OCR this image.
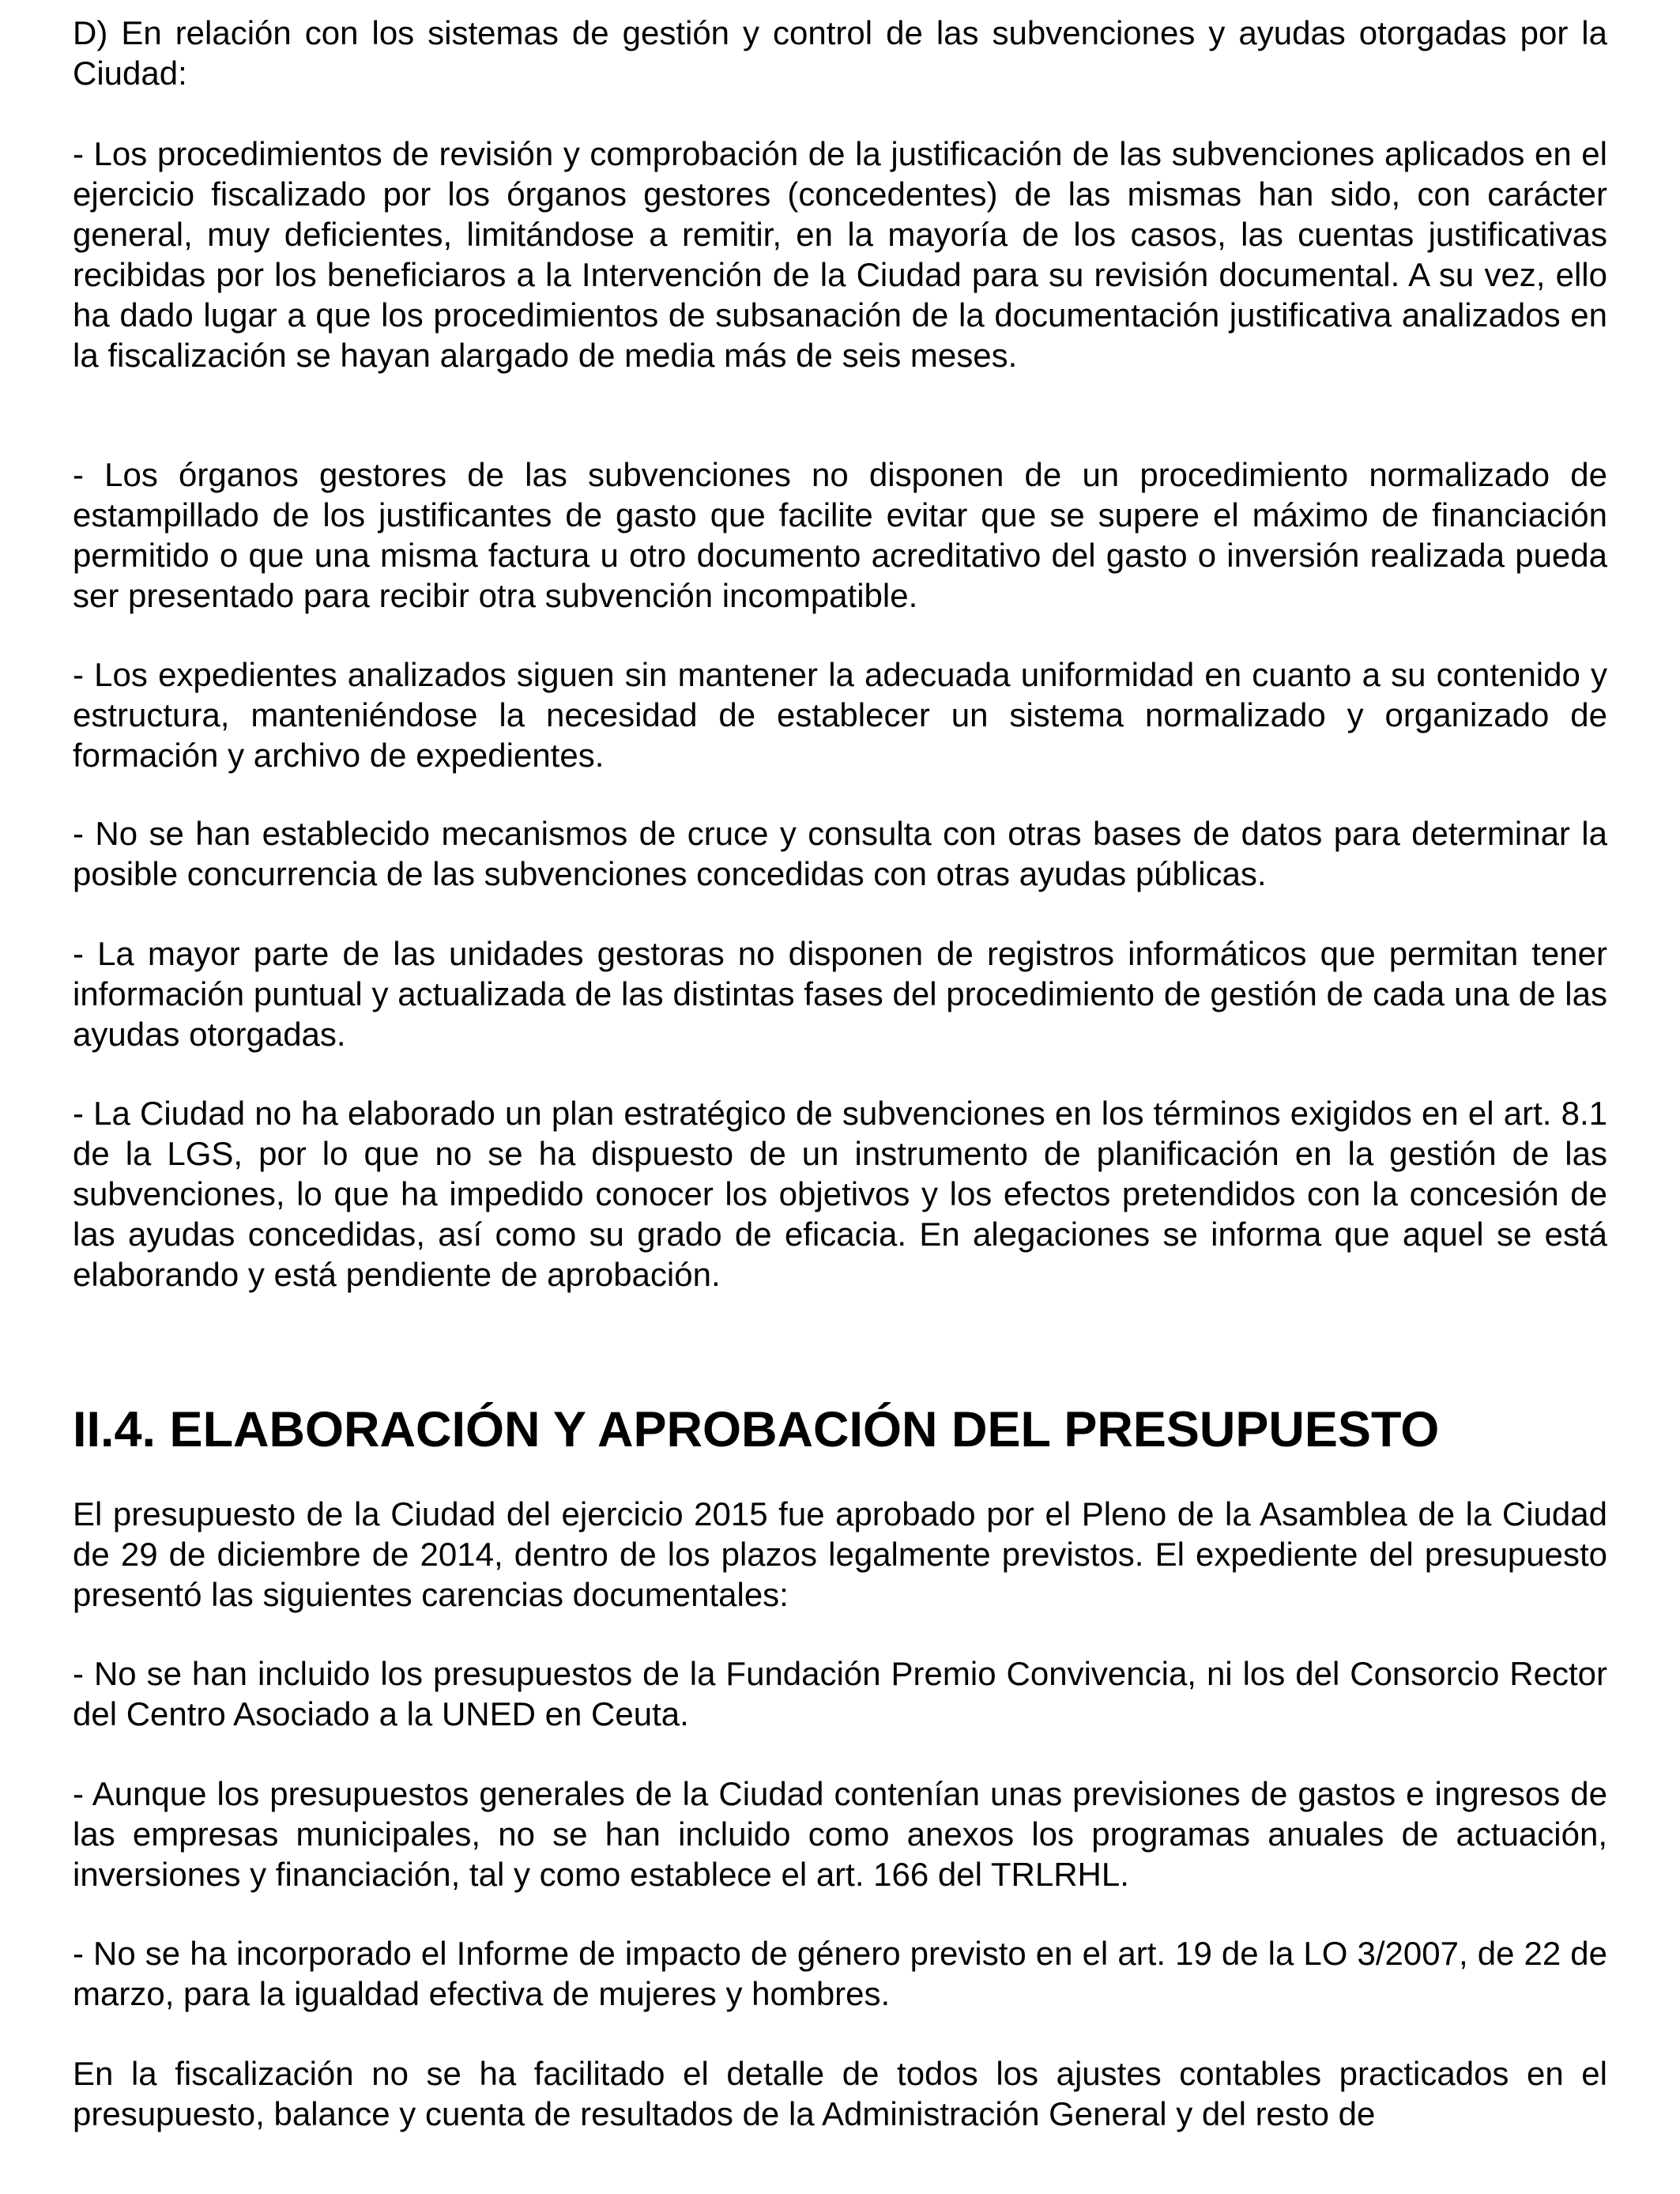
D) En relación con los sistemas de gestión y control de las subvenciones y ayudas otorgadas por la Ciudad:

- Los procedimientos de revisión y comprobación de la justificación de las subvenciones aplicados en el ejercicio fiscalizado por los órganos gestores (concedentes) de las mismas han sido, con carácter general, muy deficientes, limitándose a remitir, en la mayoría de los casos, las cuentas justificativas recibidas por los beneficiaros a la Intervención de la Ciudad para su revisión documental. A su vez, ello ha dado lugar a que los procedimientos de subsanación de la documentación justificativa analizados en la fiscalización se hayan alargado de media más de seis meses.

- Los órganos gestores de las subvenciones no disponen de un procedimiento normalizado de estampillado de los justificantes de gasto que facilite evitar que se supere el máximo de financiación permitido o que una misma factura u otro documento acreditativo del gasto o inversión realizada pueda ser presentado para recibir otra subvención incompatible.

- Los expedientes analizados siguen sin mantener la adecuada uniformidad en cuanto a su contenido y estructura, manteniéndose la necesidad de establecer un sistema normalizado y organizado de formación y archivo de expedientes.

- No se han establecido mecanismos de cruce y consulta con otras bases de datos para determinar la posible concurrencia de las subvenciones concedidas con otras ayudas públicas.

- La mayor parte de las unidades gestoras no disponen de registros informáticos que permitan tener información puntual y actualizada de las distintas fases del procedimiento de gestión de cada una de las ayudas otorgadas.

- La Ciudad no ha elaborado un plan estratégico de subvenciones en los términos exigidos en el art. 8.1 de la LGS, por lo que no se ha dispuesto de un instrumento de planificación en la gestión de las subvenciones, lo que ha impedido conocer los objetivos y los efectos pretendidos con la concesión de las ayudas concedidas, así como su grado de eficacia. En alegaciones se informa que aquel se está elaborando y está pendiente de aprobación.

II.4. ELABORACIÓN Y APROBACIÓN DEL PRESUPUESTO

El presupuesto de la Ciudad del ejercicio 2015 fue aprobado por el Pleno de la Asamblea de la Ciudad de 29 de diciembre de 2014, dentro de los plazos legalmente previstos. El expediente del presupuesto presentó las siguientes carencias documentales:

- No se han incluido los presupuestos de la Fundación Premio Convivencia, ni los del Consorcio Rector del Centro Asociado a la UNED en Ceuta.

- Aunque los presupuestos generales de la Ciudad contenían unas previsiones de gastos e ingresos de las empresas municipales, no se han incluido como anexos los programas anuales de actuación, inversiones y financiación, tal y como establece el art. 166 del TRLRHL.

- No se ha incorporado el Informe de impacto de género previsto en el art. 19 de la LO 3/2007, de 22 de marzo, para la igualdad efectiva de mujeres y hombres.

En la fiscalización no se ha facilitado el detalle de todos los ajustes contables practicados en el presupuesto, balance y cuenta de resultados de la Administración General y del resto de
